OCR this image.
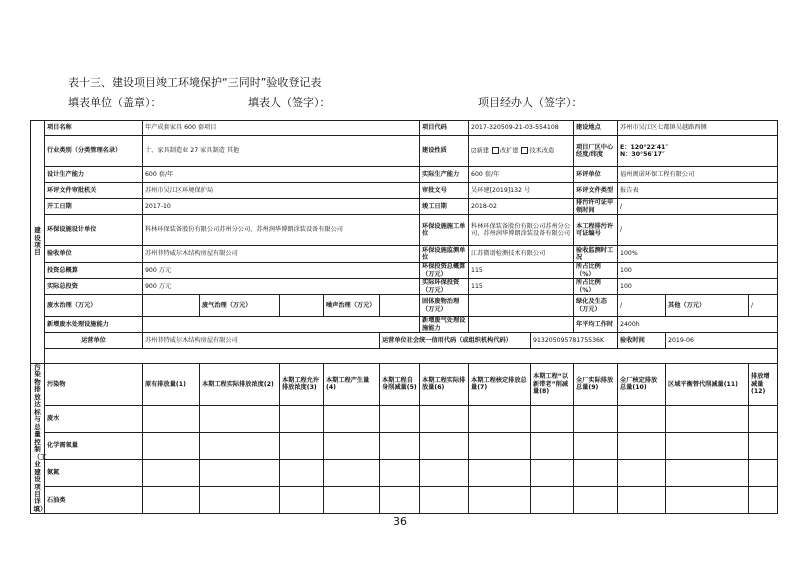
表十三、建设项目竣工环境保护“三同时”验收登记表
填表单位（盖章）：	填表人（签字）：	项目经办人（签字）：
建设项目	项目名称	年产成套家具 600 套项目					项目代码	2017-320509-21-03-554108		建设地点	苏州市吴江区七都镇吴越路西侧		
	行业类别（分类管理名录）	十、家具制造业 27 家具制造 其他					建设性质	☑新建 改扩建 技术改造		项目厂区中心经度/纬度	E：120°22′41″
N：30°56′17″		

	设计生产能力	600 套/年					实际生产能力	600 套/年		环评单位	福州闽诺环保工程有限公司		
	环评文件审批机关	苏州市吴江区环境保护局					审批文号	吴环建[2019]132 号		环评文件类型	报告表		
	开工日期	2017-10					竣工日期	2018-02		排污许可证申领时间	/		
	环保设施设计单位	科林环保装备股份有限公司苏州分公司，苏州润华博朗涂装设备有限公司					环保设施施工单位	科林环保装备股份有限公司苏州分公司，苏州润华博朗涂装设备有限公司		本工程排污许可证编号	/		
	验收单位	苏州菲特威尔木结构房屋有限公司					环保设施监测单位	江苏微谱检测技术有限公司		验收监测时工况	100%		
	投资总概算	900 万元					环保投资总概算（万元）	115		所占比例（%）	100		
	实际总投资	900 万元					实际环保投资（万元）	115		所占比例（%）	100		
	废水治理（万元）		废气治理（万元）		噪声治理（万元）		固体废物治理（万元）			绿化及生态（万元）	/	其他（万元）	/
	新增废水处理设施能力						新增废气处理设施能力			年平均工作时	2400h		
	运营单位	苏州菲特威尔木结构房屋有限公司				运营单位社会统一信用代码（或组织机构代码）			91320509578175536K		验收时间	2019-06	

污染物排放达标与总量控制（工业建设项目详填）	污染物	原有排放量(1)	本期工程实际排放浓度(2)	本期工程允许排放浓度(3)	本期工程产生量(4)	本期工程自身削减量(5)	本期工程实际排放量(6)	本期工程核定排放总量(7)	本期工程“以新带老”削减量(8)	全厂实际排放总量(9)	全厂核定排放总量(10)	区域平衡替代削减量(11)	排放增减量(12)
	废水												
	化学需氧量												
	氨氮												
	石油类												
36
